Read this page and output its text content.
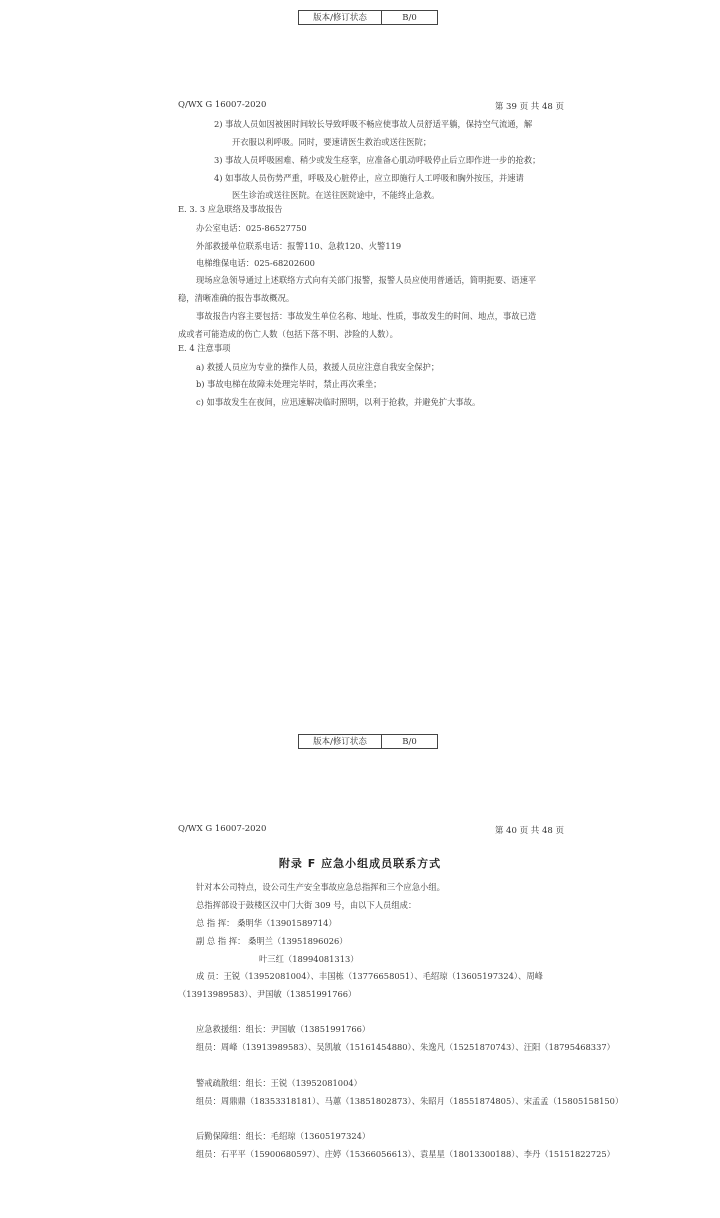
版本/修订状态	B/0
Q/WX G 16007-2020	第 39 页 共 48 页
2) 事故人员如因被困时间较长导致呼吸不畅应使事故人员舒适平躺，保持空气流通，解
开衣服以利呼吸。同时，要速请医生救治或送往医院；
3) 事故人员呼吸困难、稍少或发生痉挛，应准备心肌动呼吸停止后立即作进一步的抢救；
4) 如事故人员伤势严重，呼吸及心脏停止，应立即施行人工呼吸和胸外按压，并速请
医生诊治或送往医院。在送往医院途中，不能终止急救。
E. 3. 3 应急联络及事故报告
办公室电话：025-86527750
外部救援单位联系电话：报警110、急救120、火警119
电梯维保电话：025-68202600
现场应急领导通过上述联络方式向有关部门报警，报警人员应使用普通话，简明扼要、语速平
稳，清晰准确的报告事故概况。
事故报告内容主要包括：事故发生单位名称、地址、性质，事故发生的时间、地点，事故已造
成或者可能造成的伤亡人数（包括下落不明、涉险的人数）。
E. 4 注意事项
a) 救援人员应为专业的操作人员，救援人员应注意自我安全保护；
b) 事故电梯在故障未处理完毕时，禁止再次乘坐；
c) 如事故发生在夜间，应迅速解决临时照明，以利于抢救，并避免扩大事故。
版本/修订状态	B/0
Q/WX G 16007-2020	第 40 页 共 48 页
附录 F 应急小组成员联系方式
针对本公司特点，设公司生产安全事故应急总指挥和三个应急小组。
总指挥部设于鼓楼区汉中门大街 309 号，由以下人员组成：
总 指 挥： 桑明华（13901589714）
副 总 指 挥： 桑明兰（13951896026）
叶三红（18994081313）
成 员：王锐（13952081004）、丰国栋（13776658051）、毛绍琼（13605197324）、周峰
（13913989583）、尹国敏（13851991766）
应急救援组：组长：尹国敏（13851991766）
组员：周峰（13913989583）、吴凯敏（15161454880）、朱逸凡（15251870743）、汪阳（18795468337）
警戒疏散组：组长：王锐（13952081004）
组员：周鼎鼎（18353318181）、马蕙（13851802873）、朱昭月（18551874805）、宋孟孟（15805158150）
后勤保障组：组长：毛绍琼（13605197324）
组员：石平平（15900680597）、庄婷（15366056613）、袁星星（18013300188）、李丹（15151822725）
